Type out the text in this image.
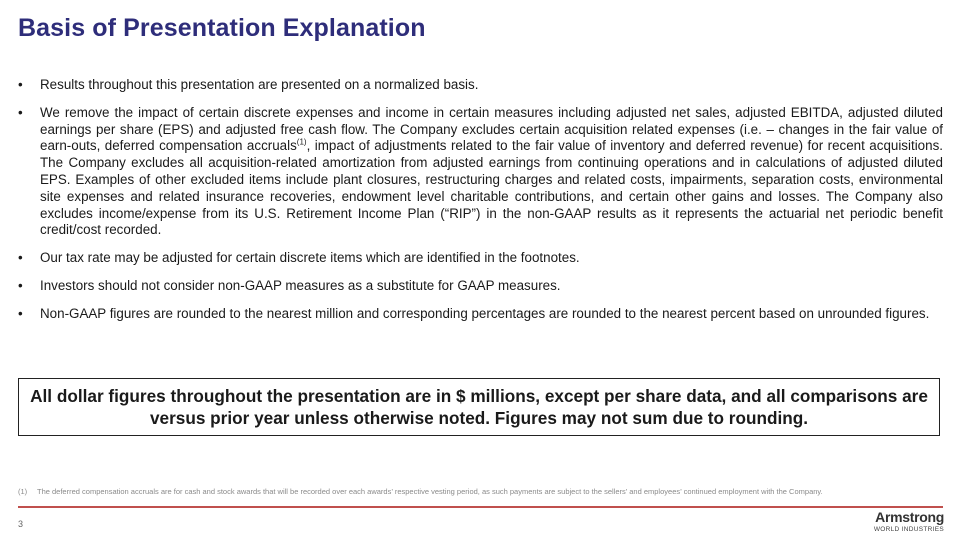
Basis of Presentation Explanation
• Results throughout this presentation are presented on a normalized basis.
• We remove the impact of certain discrete expenses and income in certain measures including adjusted net sales, adjusted EBITDA, adjusted diluted earnings per share (EPS) and adjusted free cash flow. The Company excludes certain acquisition related expenses (i.e. – changes in the fair value of earn-outs, deferred compensation accruals$^{(1)}$, impact of adjustments related to the fair value of inventory and deferred revenue) for recent acquisitions. The Company excludes all acquisition-related amortization from adjusted earnings from continuing operations and in calculations of adjusted diluted EPS. Examples of other excluded items include plant closures, restructuring charges and related costs, impairments, separation costs, environmental site expenses and related insurance recoveries, endowment level charitable contributions, and certain other gains and losses. The Company also excludes income/expense from its U.S. Retirement Income Plan (“RIP”) in the non-GAAP results as it represents the actuarial net periodic benefit credit/cost recorded.
• Our tax rate may be adjusted for certain discrete items which are identified in the footnotes.
• Investors should not consider non-GAAP measures as a substitute for GAAP measures.
• Non-GAAP figures are rounded to the nearest million and corresponding percentages are rounded to the nearest percent based on unrounded figures.
All dollar figures throughout the presentation are in $ millions, except per share data, and all comparisons are versus prior year unless otherwise noted. Figures may not sum due to rounding.
(1) The deferred compensation accruals are for cash and stock awards that will be recorded over each awards’ respective vesting period, as such payments are subject to the sellers’ and employees’ continued employment with the Company.
3	Armstrong
WORLD INDUSTRIES
